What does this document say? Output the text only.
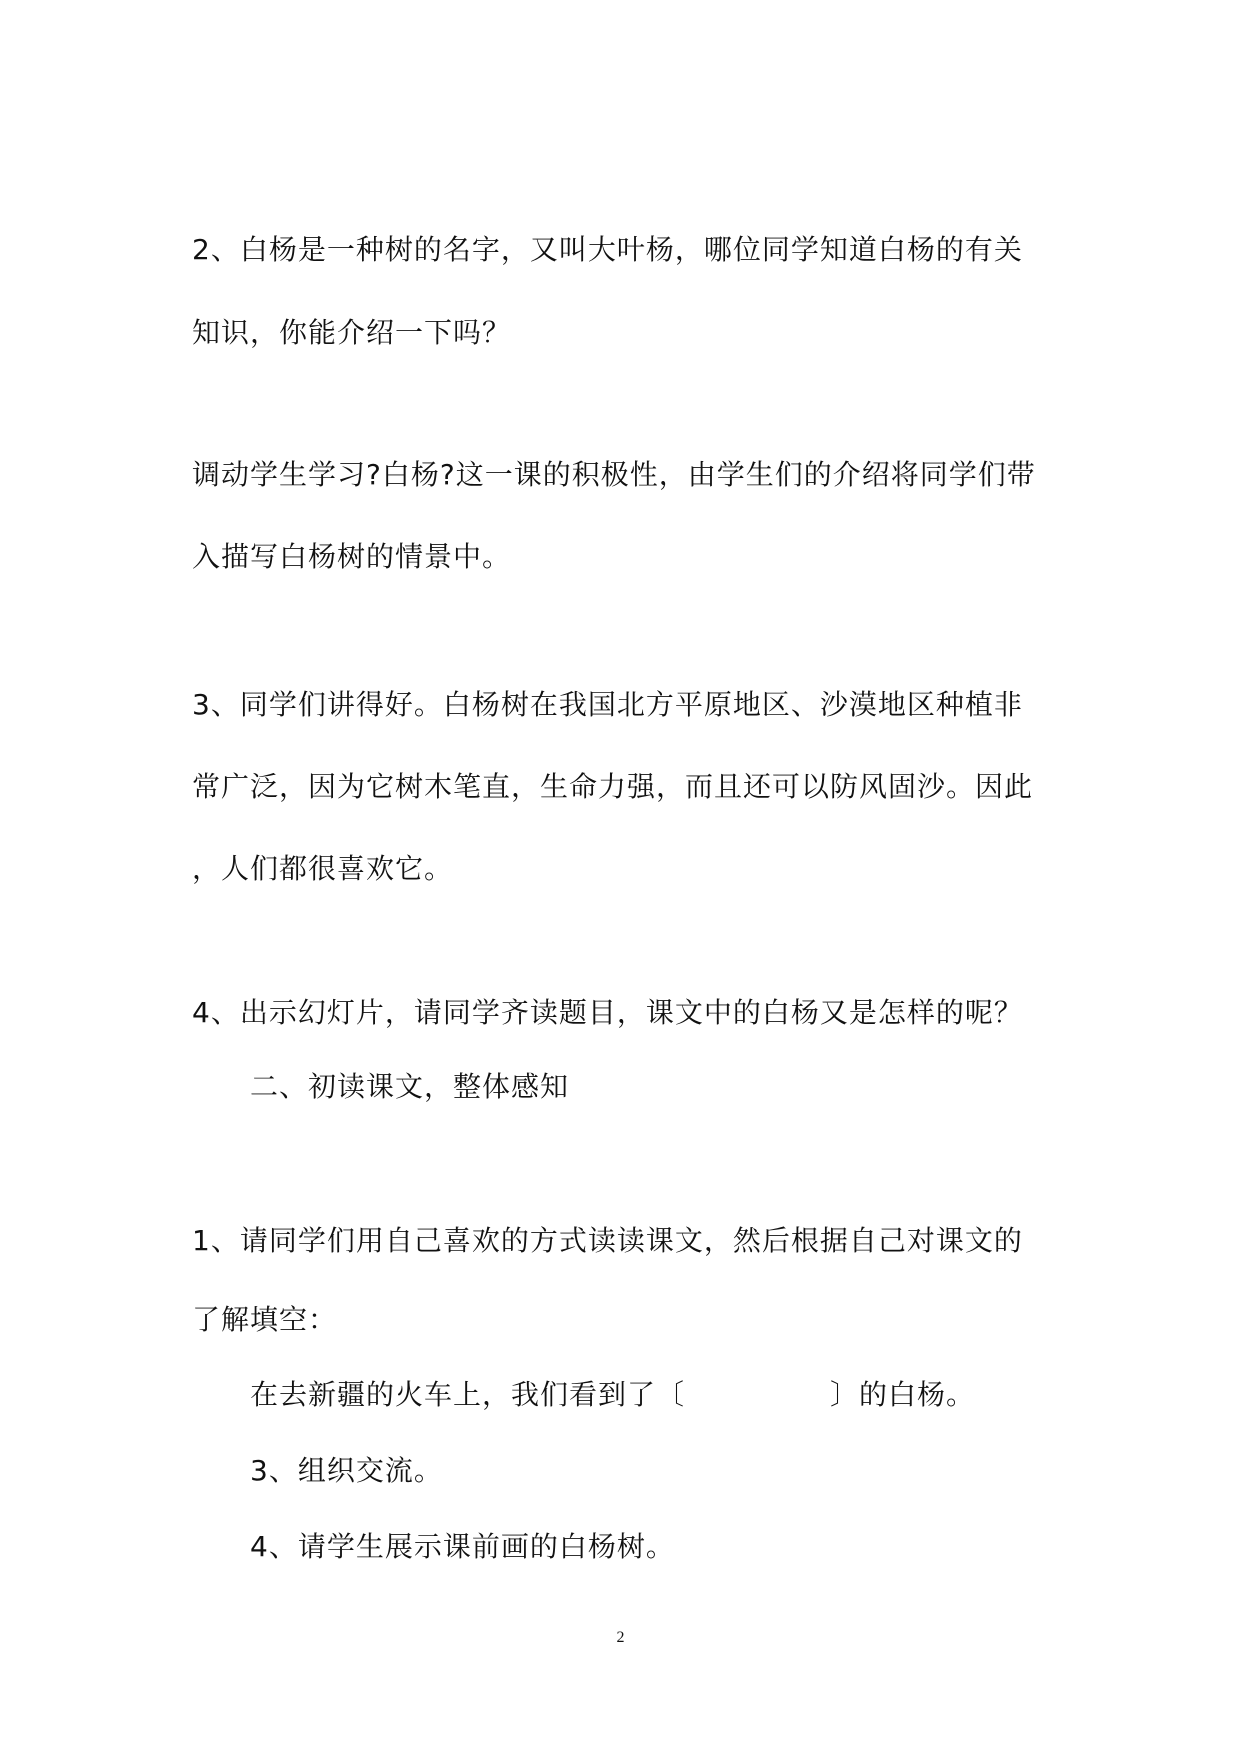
2、白杨是一种树的名字，又叫大叶杨，哪位同学知道白杨的有关
知识，你能介绍一下吗？
调动学生学习?白杨?这一课的积极性，由学生们的介绍将同学们带
入描写白杨树的情景中。
3、同学们讲得好。白杨树在我国北方平原地区、沙漠地区种植非
常广泛，因为它树木笔直，生命力强，而且还可以防风固沙。因此
，人们都很喜欢它。
4、出示幻灯片，请同学齐读题目，课文中的白杨又是怎样的呢？
二、初读课文，整体感知
1、请同学们用自己喜欢的方式读读课文，然后根据自己对课文的
了解填空：
在去新疆的火车上，我们看到了〔　　　　　〕的白杨。
3、组织交流。
4、请学生展示课前画的白杨树。
2
